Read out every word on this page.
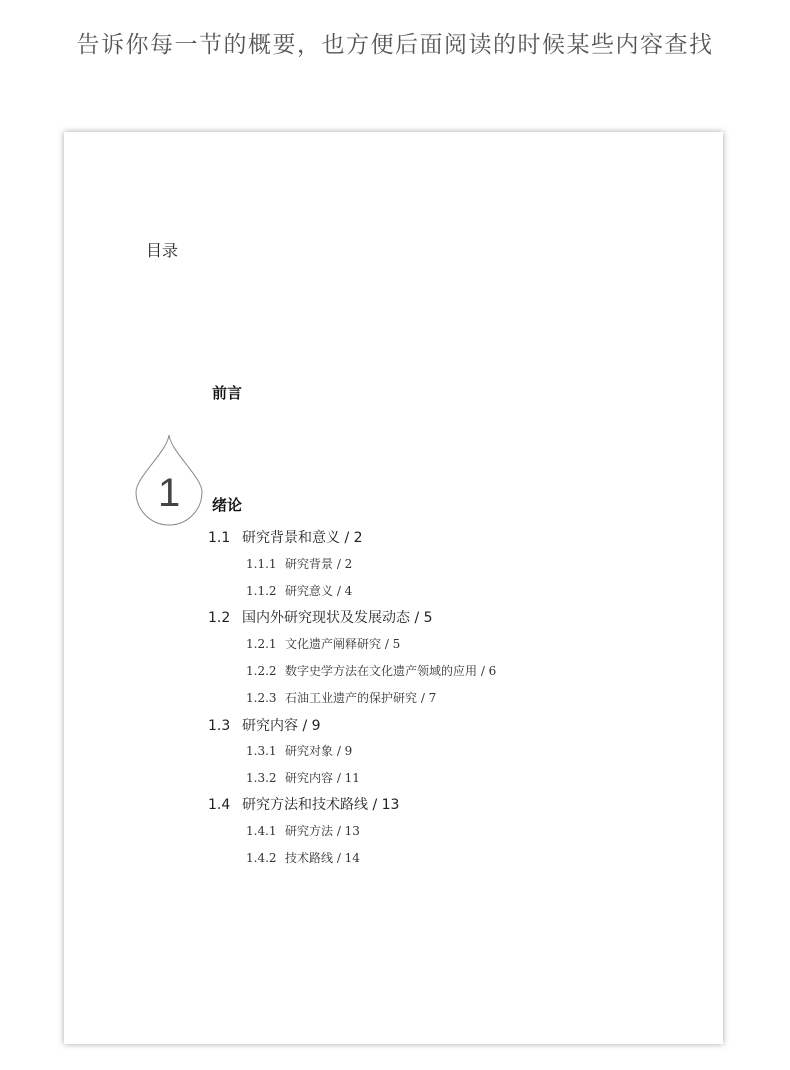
告诉你每一节的概要，也方便后面阅读的时候某些内容查找
目录
前言
1 绪论
1.1 研究背景和意义 / 2
1.1.1 研究背景 / 2
1.1.2 研究意义 / 4
1.2 国内外研究现状及发展动态 / 5
1.2.1 文化遗产阐释研究 / 5
1.2.2 数字史学方法在文化遗产领域的应用 / 6
1.2.3 石油工业遗产的保护研究 / 7
1.3 研究内容 / 9
1.3.1 研究对象 / 9
1.3.2 研究内容 / 11
1.4 研究方法和技术路线 / 13
1.4.1 研究方法 / 13
1.4.2 技术路线 / 14
